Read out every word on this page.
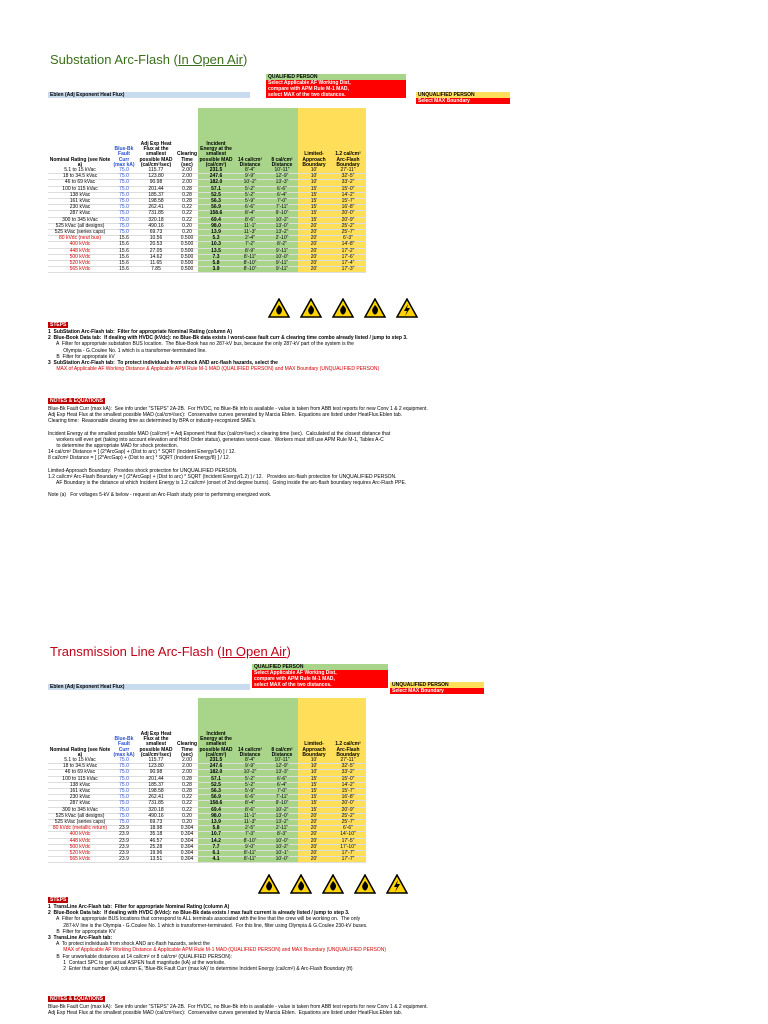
Substation Arc-Flash (In Open Air)
QUALIFIED PERSON
Select Applicable AF Working Dist,
compare with APM Rule M-1 MAD,
select MAX of the two distances.	UNQUALIFIED PERSON
Select MAX Boundary
Eblen (Adj Exponent Heat Flux)
Nominal Rating (see Note a)	Blue-Bk Fault Curr (max kA)	Adj Exp Heat Flux at the smallest possible MAD (cal/cm²/sec)	Clearing Time (sec)	Incident Energy at the smallest possible MAD (cal/cm²)	14 cal/cm² Distance	8 cal/cm² Distance	Limited-Approach Boundary	1.2 cal/cm² Arc-Flash Boundary
5.1 to 15 kVac	75.0	115.77	2.00	231.5	8'-4"	10'-11"	10'	27'-11"
18 to 34.5 kVac	75.0	123.80	2.00	247.6	9'-9"	12'-9"	10'	32'-5"
46 to 69 kVac	75.0	90.98	2.00	182.0	10'-2"	13'-3"	10'	33'-2"
100 to 115 kVac	75.0	201.44	0.28	57.1	5'-2"	6'-6"	15'	15'-0"
138 kVac	75.0	185.37	0.28	52.5	5'-2"	6'-4"	15'	14'-2"
161 kVac	75.0	198.58	0.28	56.3	5'-9"	7'-0"	15'	15'-7"
230 kVac	75.0	262.41	0.22	56.9	6'-6"	7'-11"	15'	16'-8"
287 kVac	75.0	731.85	0.22	158.6	8'-4"	9'-10"	15'	20'-0"
300 to 345 kVac	75.0	320.18	0.22	69.4	8'-6"	10'-2"	15'	20'-9"
525 kVac (all designs)	75.0	490.16	0.20	98.0	11'-1"	13'-0"	20'	25'-2"
525 kVac (series caps)	75.0	69.73	0.20	13.9	11'-3"	13'-2"	20'	25'-7"
80 kVdc (neut bus)	15.6	10.56	0.500	5.3	2'-4"	2'-10"	20'	6'-3"
400 kVdc	15.6	20.53	0.500	10.3	7'-2"	8'-2"	20'	14'-8"
448 kVdc	15.6	27.05	0.500	13.5	8'-9"	9'-11"	20'	17'-2"
500 kVdc	15.6	14.62	0.500	7.3	8'-11"	10'-0"	20'	17'-6"
520 kVdc	15.6	11.65	0.500	5.8	8'-10"	9'-11"	20'	17'-4"
565 kVdc	15.6	7.85	0.500	3.9	8'-10"	9'-11"	20'	17'-3"
STEPS
1  SubStation Arc-Flash tab:  Filter for appropriate Nominal Rating (column A)
2  Blue-Book Data tab:  If dealing with HVDC (kVdc): no Blue-Bk data exists / worst-case fault curr & clearing time combo already listed / jump to step 3.
A  Filter for appropriate substation BUS location.  The Blue-Book has no 287-kV bus, because the only 287-kV part of the system is the
Olympia - G.Coulee No. 1 which is a transformer-terminated line.
B  Filter for appropriate kV
3  SubStation Arc-Flash tab:  To protect individuals from shock AND arc-flash hazards, select the
MAX of Applicable AF Working Distance & Applicable APM Rule M-1 MAD (QUALIFIED PERSON) and MAX Boundary (UNQUALIFIED PERSON)
NOTES & EQUATIONS
Blue-Bk Fault Curr (max kA):  See info under "STEPS" 2A-2B.  For HVDC, no Blue-Bk info is available - value is taken from ABB test reports for new Conv 1 & 2 equipment.
Adj Exp Heat Flux at the smallest possible MAD (cal/cm²/sec):  Conservative curves generated by Marcia Eblen.  Equations are listed under HeatFlux.Eblen tab.
Clearing time:  Reasonable clearing time as determined by BPA or industry-recognized SME's.
Incident Energy at the smallest possible MAD (cal/cm²) = Adj Exponent Heat flux (cal/cm²/sec) x clearing time (sec).  Calculated at the closest distance that
workers will ever get (taking into account elevation and Hold Order status), generates worst-case.  Workers must still use APM Rule M-1, Tables A-C
to determine the appropriate MAD for shock protection.
14 cal/cm² Distance = [ (2*ArcGap) + (Dist to arc) * SQRT (Incident Energy/14) ] / 12.
8 cal/cm² Distance = [ (2*ArcGap) + (Dist to arc) * SQRT (Incident Energy/8) ] / 12.
Limited-Approach Boundary:  Provides shock protection for UNQUALIFIED PERSON.
1.2 cal/cm² Arc-Flash Boundary = [ (2*ArcGap) + (Dist to arc) * SQRT (Incident Energy/1.2) ] / 12.   Provides arc-flash protection for UNQUALIFIED PERSON.
AF Boundary is the distance at which Incident Energy is 1.2 cal/cm² (onset of 2nd degree burns).  Going inside the arc-flash boundary requires Arc-Flash PPE.
Note (a)   For voltages 5-kV & below - request an Arc-Flash study prior to performing energized work.
Transmission Line Arc-Flash (In Open Air)
QUALIFIED PERSON
Select Applicable AF Working Dist,
compare with APM Rule M-1 MAD,
select MAX of the two distances.	UNQUALIFIED PERSON
Select MAX Boundary
Eblen (Adj Exponent Heat Flux)
Nominal Rating (see Note a)	Blue-Bk Fault Curr (max kA)	Adj Exp Heat Flux at the smallest possible MAD (cal/cm²/sec)	Clearing Time (sec)	Incident Energy at the smallest possible MAD (cal/cm²)	14 cal/cm² Distance	8 cal/cm² Distance	Limited-Approach Boundary	1.2 cal/cm² Arc-Flash Boundary
5.1 to 15 kVac	75.0	115.77	2.00	231.5	8'-4"	10'-11"	10'	27'-11"
18 to 34.5 kVac	75.0	123.80	2.00	247.6	9'-9"	12'-9"	10'	32'-5"
46 to 69 kVac	75.0	90.98	2.00	182.0	10'-2"	13'-3"	10'	33'-2"
100 to 115 kVac	75.0	201.44	0.28	57.1	5'-2"	6'-6"	15'	15'-0"
138 kVac	75.0	185.37	0.28	52.5	5'-2"	6'-4"	15'	14'-2"
161 kVac	75.0	198.58	0.28	56.3	5'-9"	7'-0"	15'	15'-7"
230 kVac	75.0	262.41	0.22	56.9	6'-6"	7'-11"	15'	16'-8"
287 kVac	75.0	731.85	0.22	158.6	8'-4"	9'-10"	15'	20'-0"
300 to 345 kVac	75.0	320.18	0.22	69.4	8'-6"	10'-2"	15'	20'-9"
525 kVac (all designs)	75.0	490.16	0.20	98.0	11'-1"	13'-0"	20'	25'-2"
525 kVac (series caps)	75.0	69.73	0.20	13.9	11'-3"	13'-2"	20'	25'-7"
80 kVdc (metallic return)	23.9	18.98	0.304	5.8	2'-5"	2'-11"	20'	6'-6"
400 kVdc	23.9	35.18	0.304	10.7	7'-3"	8'-3"	20'	14'-10"
448 kVdc	23.9	46.57	0.304	14.2	8'-10"	10'-0"	20'	17'-5"
500 kVdc	23.9	25.28	0.304	7.7	9'-0"	10'-2"	20'	17'-10"
520 kVdc	23.9	19.96	0.304	6.1	8'-11"	10'-1"	20'	17'-7"
565 kVdc	23.9	13.51	0.304	4.1	8'-11"	10'-0"	20'	17'-7"
STEPS
1  TransLine Arc-Flash tab:  Filter for appropriate Nominal Rating (column A)
2  Blue-Book Data tab:  If dealing with HVDC (kVdc): no Blue-Bk data exists / max fault current is already listed / jump to step 3.
A  Filter for appropriate BUS locations that correspond to ALL terminals associated with the line that the crew will be working on.  The only
287-kV line is the Olympia - G.Coulee No. 1 which is transformer-terminated.  For this line, filter using Olympia & G.Coulee 230-kV buses.
B  Filter for appropriate KV
3  TransLine Arc-Flash tab:
A  To protect individuals from shock AND arc-flash hazards, select the
MAX of Applicable AF Working Distance & Applicable APM Rule M-1 MAD (QUALIFIED PERSON) and MAX Boundary (UNQUALIFIED PERSON)
B  For unworkable distances at 14 cal/cm² or 8 cal/cm² (QUALIFIED PERSON):
1  Contact SPC to get actual ASPEN fault magnitude (kA) at the worksite.
2  Enter that number (kA) column E, 'Blue-Bk Fault Curr (max kA)' to determine Incident Energy (cal/cm²) & Arc-Flash Boundary (ft)
NOTES & EQUATIONS
Blue-Bk Fault Curr (max kA):  See info under "STEPS" 2A-2B.  For HVDC, no Blue-Bk info is available - value is taken from ABB test reports for new Conv 1 & 2 equipment.
Adj Exp Heat Flux at the smallest possible MAD (cal/cm²/sec):  Conservative curves generated by Marcia Eblen.  Equations are listed under HeatFlux.Eblen tab.
